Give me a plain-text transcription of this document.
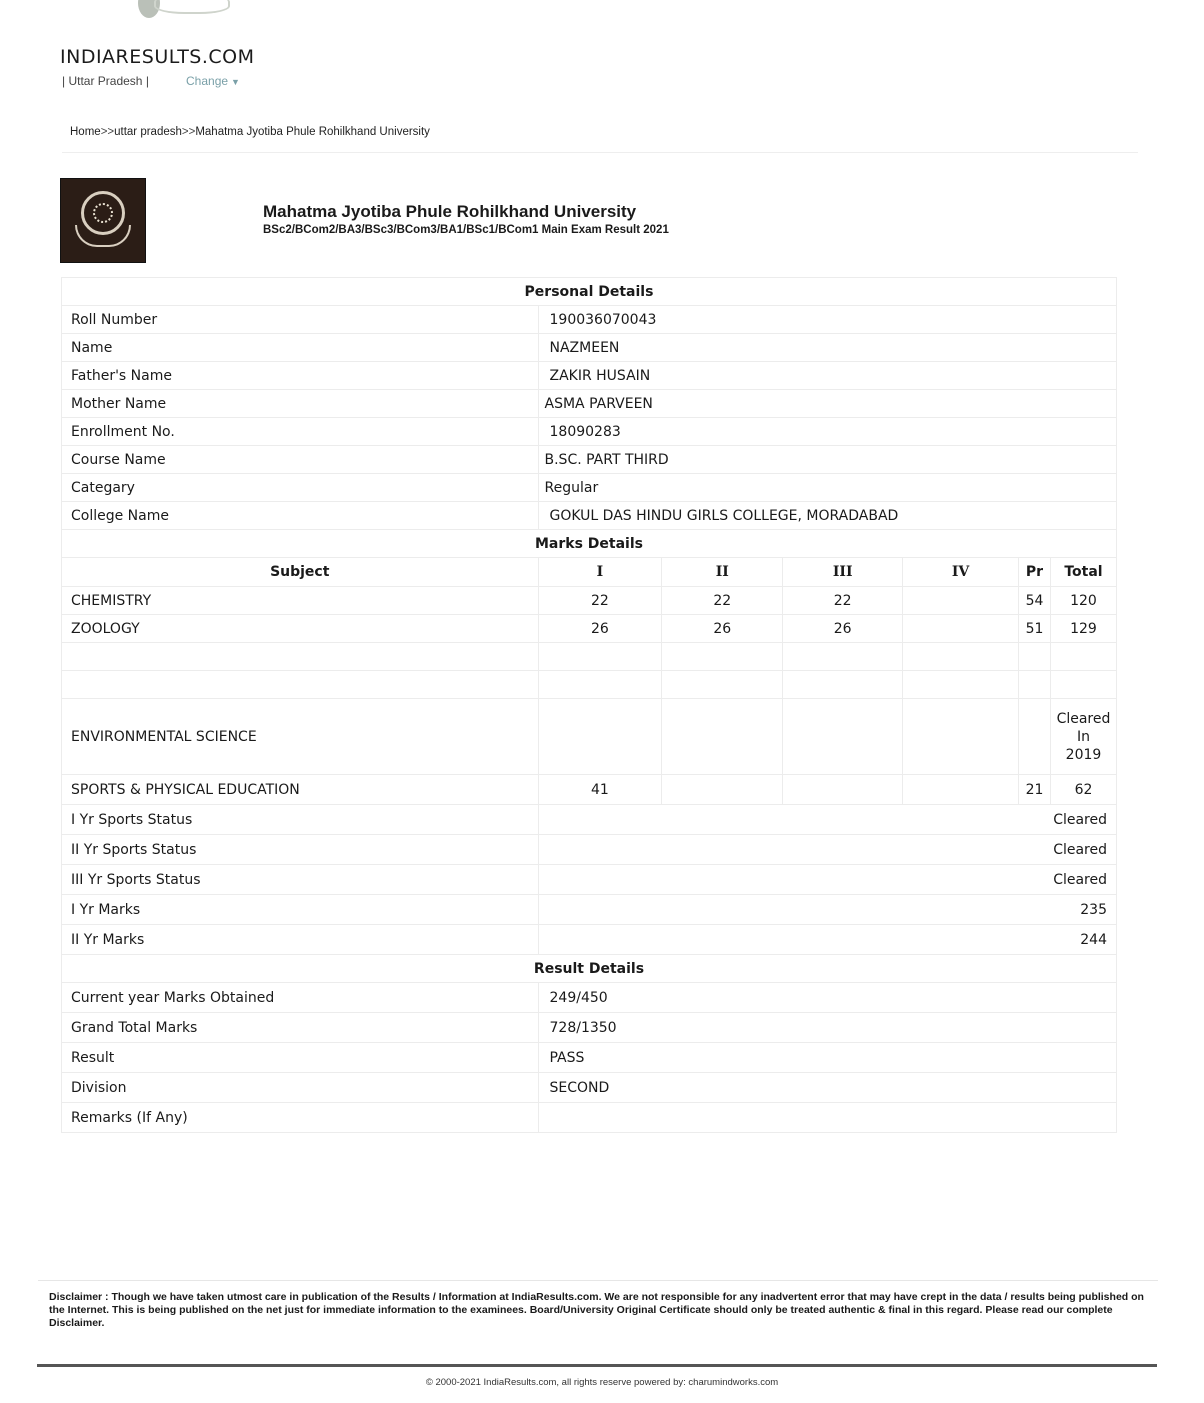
INDIARESULTS.COM
| Uttar Pradesh |	Change ▼
Home>>uttar pradesh>>Mahatma Jyotiba Phule Rohilkhand University
Mahatma Jyotiba Phule Rohilkhand University
BSc2/BCom2/BA3/BSc3/BCom3/BA1/BSc1/BCom1 Main Exam Result 2021
Personal Details						
Roll Number	190036070043					
Name	NAZMEEN					
Father's Name	ZAKIR HUSAIN					
Mother Name	ASMA PARVEEN					
Enrollment No.	18090283					
Course Name	B.SC. PART THIRD					
Categary	Regular					
College Name	GOKUL DAS HINDU GIRLS COLLEGE, MORADABAD					
Marks Details						
Subject	I	II	III	IV	Pr	Total
CHEMISTRY	22	22	22		54	120
ZOOLOGY	26	26	26		51	129

ENVIRONMENTAL SCIENCE						Cleared
In
2019

SPORTS & PHYSICAL EDUCATION	41				21	62
I Yr Sports Status	Cleared					
II Yr Sports Status	Cleared					
III Yr Sports Status	Cleared					
I Yr Marks	235					
II Yr Marks	244					
Result Details						
Current year Marks Obtained	249/450					
Grand Total Marks	728/1350					
Result	PASS					
Division	SECOND					
Remarks (If Any)						
Disclaimer : Though we have taken utmost care in publication of the Results / Information at IndiaResults.com. We are not responsible for any inadvertent error that may have crept in the data / results being published on the Internet. This is being published on the net just for immediate information to the examinees. Board/University Original Certificate should only be treated authentic & final in this regard. Please read our complete Disclaimer.
© 2000-2021 IndiaResults.com, all rights reserve powered by: charumindworks.com
